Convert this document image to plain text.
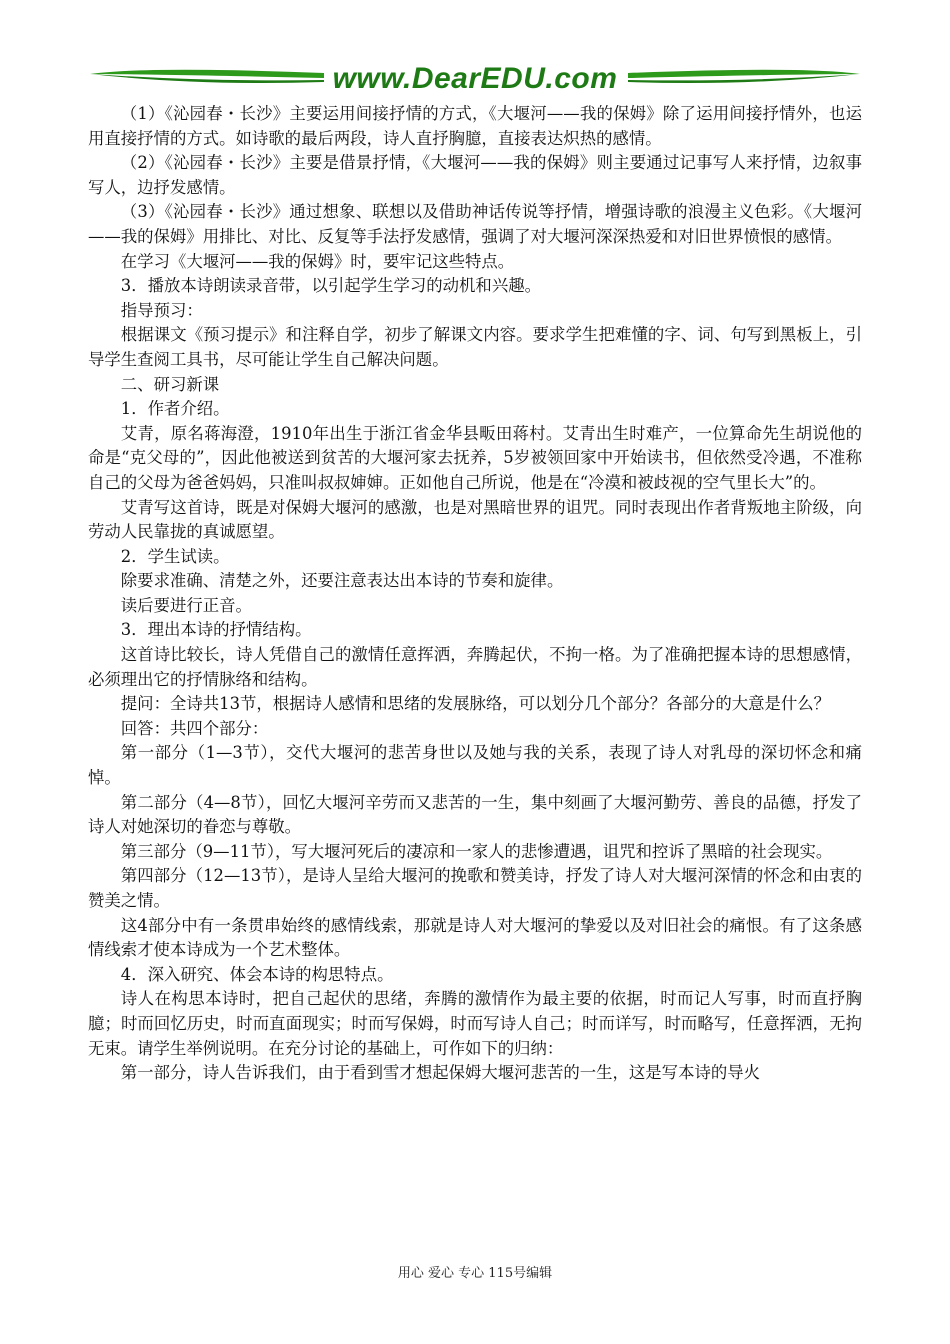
www.DearEDU.com

（1）《沁园春・长沙》主要运用间接抒情的方式，《大堰河——我的保姆》除了运用间接抒情外，也运用直接抒情的方式。如诗歌的最后两段，诗人直抒胸臆，直接表达炽热的感情。

（2）《沁园春・长沙》主要是借景抒情，《大堰河——我的保姆》则主要通过记事写人来抒情，边叙事写人，边抒发感情。

（3）《沁园春・长沙》通过想象、联想以及借助神话传说等抒情，增强诗歌的浪漫主义色彩。《大堰河——我的保姆》用排比、对比、反复等手法抒发感情，强调了对大堰河深深热爱和对旧世界愤恨的感情。

在学习《大堰河——我的保姆》时，要牢记这些特点。

3．播放本诗朗读录音带，以引起学生学习的动机和兴趣。

指导预习：

根据课文《预习提示》和注释自学，初步了解课文内容。要求学生把难懂的字、词、句写到黑板上，引导学生查阅工具书，尽可能让学生自己解决问题。

二、研习新课

1．作者介绍。

艾青，原名蒋海澄，1910年出生于浙江省金华县畈田蒋村。艾青出生时难产，一位算命先生胡说他的命是“克父母的”，因此他被送到贫苦的大堰河家去抚养，5岁被领回家中开始读书，但依然受冷遇，不准称自己的父母为爸爸妈妈，只准叫叔叔婶婶。正如他自己所说，他是在“冷漠和被歧视的空气里长大”的。

艾青写这首诗，既是对保姆大堰河的感激，也是对黑暗世界的诅咒。同时表现出作者背叛地主阶级，向劳动人民靠拢的真诚愿望。

2．学生试读。

除要求准确、清楚之外，还要注意表达出本诗的节奏和旋律。

读后要进行正音。

3．理出本诗的抒情结构。

这首诗比较长，诗人凭借自己的激情任意挥洒，奔腾起伏，不拘一格。为了准确把握本诗的思想感情，必须理出它的抒情脉络和结构。

提问：全诗共13节，根据诗人感情和思绪的发展脉络，可以划分几个部分？各部分的大意是什么？

回答：共四个部分：

第一部分（1—3节），交代大堰河的悲苦身世以及她与我的关系，表现了诗人对乳母的深切怀念和痛悼。

第二部分（4—8节），回忆大堰河辛劳而又悲苦的一生，集中刻画了大堰河勤劳、善良的品德，抒发了诗人对她深切的眷恋与尊敬。

第三部分（9—11节），写大堰河死后的凄凉和一家人的悲惨遭遇，诅咒和控诉了黑暗的社会现实。

第四部分（12—13节），是诗人呈给大堰河的挽歌和赞美诗，抒发了诗人对大堰河深情的怀念和由衷的赞美之情。

这4部分中有一条贯串始终的感情线索，那就是诗人对大堰河的挚爱以及对旧社会的痛恨。有了这条感情线索才使本诗成为一个艺术整体。

4．深入研究、体会本诗的构思特点。

诗人在构思本诗时，把自己起伏的思绪，奔腾的激情作为最主要的依据，时而记人写事，时而直抒胸臆；时而回忆历史，时而直面现实；时而写保姆，时而写诗人自己；时而详写，时而略写，任意挥洒，无拘无束。请学生举例说明。在充分讨论的基础上，可作如下的归纳：

第一部分，诗人告诉我们，由于看到雪才想起保姆大堰河悲苦的一生，这是写本诗的导火

用心 爱心 专心 115号编辑
